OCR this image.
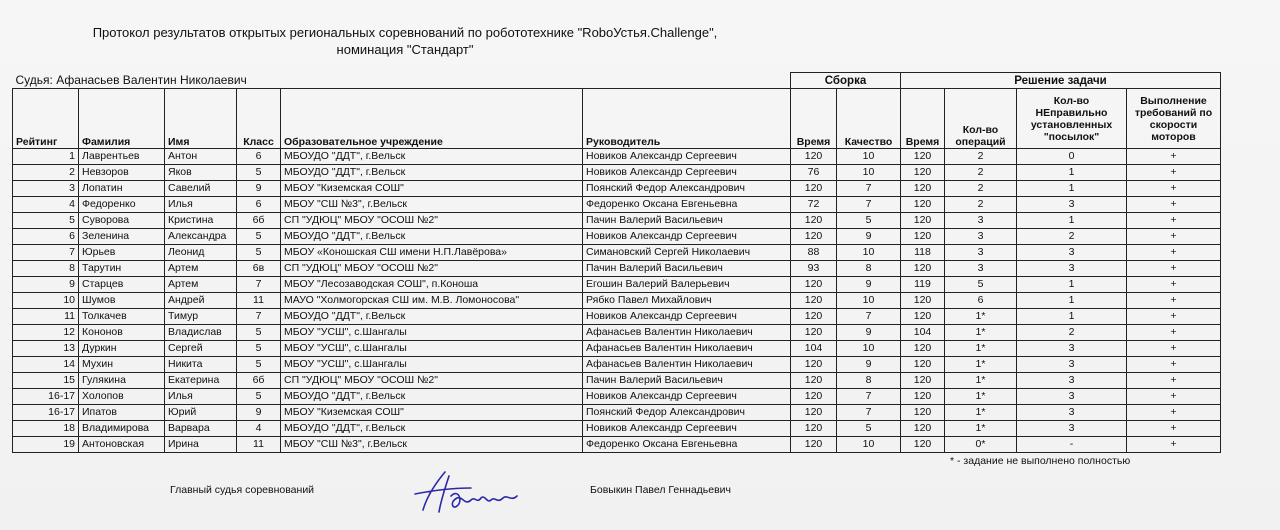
Протокол результатов открытых региональных соревнований по робототехнике "RoboУстья.Challenge",
номинация "Стандарт"
Судья: Афанасьев Валентин Николаевич						Сборка		Решение задачи			
Рейтинг	Фамилия	Имя	Класс	Образовательное учреждение	Руководитель	Время	Качество	Время	Кол-во операций	Кол-во НЕправильно установленных "посылок"	Выполнение требований по скорости моторов
1	Лаврентьев	Антон	6	МБОУДО "ДДТ", г.Вельск	Новиков Александр Сергеевич	120	10	120	2	0	+
2	Невзоров	Яков	5	МБОУДО "ДДТ", г.Вельск	Новиков Александр Сергеевич	76	10	120	2	1	+
3	Лопатин	Савелий	9	МБОУ "Киземская СОШ"	Поянский Федор Александрович	120	7	120	2	1	+
4	Федоренко	Илья	6	МБОУ "СШ №3", г.Вельск	Федоренко Оксана Евгеньевна	72	7	120	2	3	+
5	Суворова	Кристина	6б	СП "УДЮЦ" МБОУ "ОСОШ №2"	Пачин Валерий Васильевич	120	5	120	3	1	+
6	Зеленина	Александра	5	МБОУДО "ДДТ", г.Вельск	Новиков Александр Сергеевич	120	9	120	3	2	+
7	Юрьев	Леонид	5	МБОУ «Коношская СШ имени Н.П.Лавёрова»	Симановский Сергей Николаевич	88	10	118	3	3	+
8	Тарутин	Артем	6в	СП "УДЮЦ" МБОУ "ОСОШ №2"	Пачин Валерий Васильевич	93	8	120	3	3	+
9	Старцев	Артем	7	МБОУ "Лесозаводская СОШ", п.Коноша	Егошин Валерий Валерьевич	120	9	119	5	1	+
10	Шумов	Андрей	11	МАУО "Холмогорская СШ им. М.В. Ломоносова"	Рябко Павел Михайлович	120	10	120	6	1	+
11	Толкачев	Тимур	7	МБОУДО "ДДТ", г.Вельск	Новиков Александр Сергеевич	120	7	120	1*	1	+
12	Кононов	Владислав	5	МБОУ "УСШ", с.Шангалы	Афанасьев Валентин Николаевич	120	9	104	1*	2	+
13	Дуркин	Сергей	5	МБОУ "УСШ", с.Шангалы	Афанасьев Валентин Николаевич	104	10	120	1*	3	+
14	Мухин	Никита	5	МБОУ "УСШ", с.Шангалы	Афанасьев Валентин Николаевич	120	9	120	1*	3	+
15	Гулякина	Екатерина	6б	СП "УДЮЦ" МБОУ "ОСОШ №2"	Пачин Валерий Васильевич	120	8	120	1*	3	+
16-17	Холопов	Илья	5	МБОУДО "ДДТ", г.Вельск	Новиков Александр Сергеевич	120	7	120	1*	3	+
16-17	Ипатов	Юрий	9	МБОУ "Киземская СОШ"	Поянский Федор Александрович	120	7	120	1*	3	+
18	Владимирова	Варвара	4	МБОУДО "ДДТ", г.Вельск	Новиков Александр Сергеевич	120	5	120	1*	3	+
19	Антоновская	Ирина	11	МБОУ "СШ №3", г.Вельск	Федоренко Оксана Евгеньевна	120	10	120	0*	-	+
* - задание не выполнено полностью
Главный судья соревнований	Бовыкин Павел Геннадьевич
